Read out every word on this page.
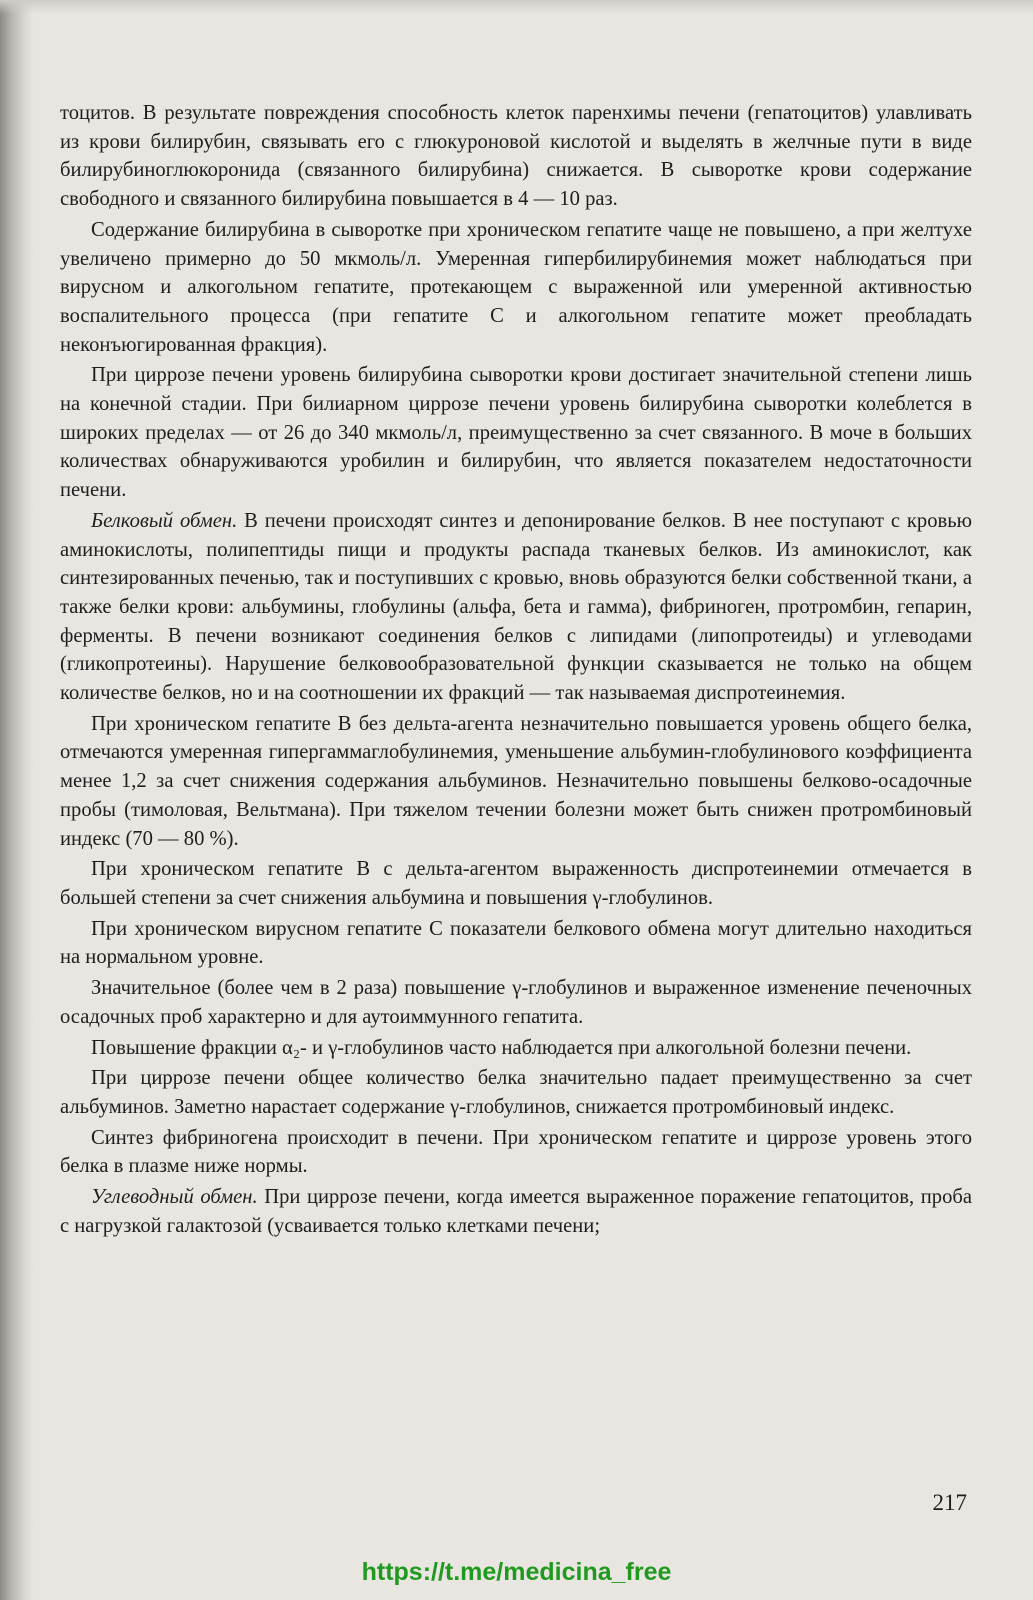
тоцитов. В результате повреждения способность клеток паренхимы печени (гепатоцитов) улавливать из крови билирубин, связывать его с глюкуроновой кислотой и выделять в желчные пути в виде билирубиноглюкоронида (связанного билирубина) снижается. В сыворотке крови содержание свободного и связанного билирубина повышается в 4 — 10 раз.

Содержание билирубина в сыворотке при хроническом гепатите чаще не повышено, а при желтухе увеличено примерно до 50 мкмоль/л. Умеренная гипербилирубинемия может наблюдаться при вирусном и алкогольном гепатите, протекающем с выраженной или умеренной активностью воспалительного процесса (при гепатите С и алкогольном гепатите может преобладать неконъюгированная фракция).

При циррозе печени уровень билирубина сыворотки крови достигает значительной степени лишь на конечной стадии. При билиарном циррозе печени уровень билирубина сыворотки колеблется в широких пределах — от 26 до 340 мкмоль/л, преимущественно за счет связанного. В моче в больших количествах обнаруживаются уробилин и билирубин, что является показателем недостаточности печени.

Белковый обмен. В печени происходят синтез и депонирование белков. В нее поступают с кровью аминокислоты, полипептиды пищи и продукты распада тканевых белков. Из аминокислот, как синтезированных печенью, так и поступивших с кровью, вновь образуются белки собственной ткани, а также белки крови: альбумины, глобулины (альфа, бета и гамма), фибриноген, протромбин, гепарин, ферменты. В печени возникают соединения белков с липидами (липопротеиды) и углеводами (гликопротеины). Нарушение белковообразовательной функции сказывается не только на общем количестве белков, но и на соотношении их фракций — так называемая диспротеинемия.

При хроническом гепатите В без дельта-агента незначительно повышается уровень общего белка, отмечаются умеренная гипергаммаглобулинемия, уменьшение альбумин-глобулинового коэффициента менее 1,2 за счет снижения содержания альбуминов. Незначительно повышены белково-осадочные пробы (тимоловая, Вельтмана). При тяжелом течении болезни может быть снижен протромбиновый индекс (70 — 80 %).

При хроническом гепатите В с дельта-агентом выраженность диспротеинемии отмечается в большей степени за счет снижения альбумина и повышения γ-глобулинов.

При хроническом вирусном гепатите С показатели белкового обмена могут длительно находиться на нормальном уровне.

Значительное (более чем в 2 раза) повышение γ-глобулинов и выраженное изменение печеночных осадочных проб характерно и для аутоиммунного гепатита.

Повышение фракции α₂- и γ-глобулинов часто наблюдается при алкогольной болезни печени.

При циррозе печени общее количество белка значительно падает преимущественно за счет альбуминов. Заметно нарастает содержание γ-глобулинов, снижается протромбиновый индекс.

Синтез фибриногена происходит в печени. При хроническом гепатите и циррозе уровень этого белка в плазме ниже нормы.

Углеводный обмен. При циррозе печени, когда имеется выраженное поражение гепатоцитов, проба с нагрузкой галактозой (усваивается только клетками печени;

217
https://t.me/medicina_free
